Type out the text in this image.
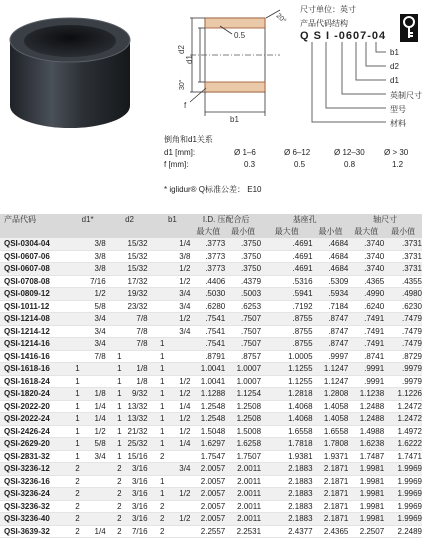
d2
d1
b1
f
0.5
20°
30°
尺寸单位：英寸
产品代码结构
Q S I -0607-04
b1
d2
d1
英制尺寸
型号
材料
倒角和d1关系
d1 [mm]:	Ø 1–6	Ø 6–12	Ø 12–30 Ø > 30
f [mm]:	0.3	0.5	0.8	1.2
* iglidur® Q标准公差： E10
产品代码	d1*	d2	b1	I.D. 压配合后		基座孔		轴尺寸	
				最大值	最小值	最大值	最小值	最大值	最小值
QSI-0304-04	3/8	15/32	1/4	.3773	.3750	.4691	.4684	.3740	.3731
QSI-0607-06	3/8	15/32	3/8	.3773	.3750	.4691	.4684	.3740	.3731
QSI-0607-08	3/8	15/32	1/2	.3773	.3750	.4691	.4684	.3740	.3731
QSI-0708-08	7/16	17/32	1/2	.4406	.4379	.5316	.5309	.4365	.4355
QSI-0809-12	1/2	19/32	3/4	.5030	.5003	.5941	.5934	.4990	.4980
QSI-1011-12	5/8	23/32	3/4	.6280	.6253	.7192	.7184	.6240	.6230
QSI-1214-08	3/4	7/8	1/2	.7541	.7507	.8755	.8747	.7491	.7479
QSI-1214-12	3/4	7/8	3/4	.7541	.7507	.8755	.8747	.7491	.7479
QSI-1214-16	3/4	7/8	1	.7541	.7507	.8755	.8747	.7491	.7479
QSI-1416-16	7/8	1	1	.8791	.8757	1.0005	.9997	.8741	.8729
QSI-1618-16	1	1 1/8	1	1.0041	1.0007	1.1255	1.1247	.9991	.9979
QSI-1618-24	1	1 1/8	1 1/2	1.0041	1.0007	1.1255	1.1247	.9991	.9979
QSI-1820-24	1 1/8	1 9/32	1 1/2	1.1288	1.1254	1.2818	1.2808	1.1238	1.1226
QSI-2022-20	1 1/4	1 13/32	1 1/4	1.2548	1.2508	1.4068	1.4058	1.2488	1.2472
QSI-2022-24	1 1/4	1 13/32	1 1/2	1.2548	1.2508	1.4068	1.4058	1.2488	1.2472
QSI-2426-24	1 1/2	1 21/32	1 1/2	1.5048	1.5008	1.6558	1.6558	1.4988	1.4972
QSI-2629-20	1 5/8	1 25/32	1 1/4	1.6297	1.6258	1.7818	1.7808	1.6238	1.6222
QSI-2831-32	1 3/4	1 15/16	2	1.7547	1.7507	1.9381	1.9371	1.7487	1.7471
QSI-3236-12	2	2 3/16	3/4	2.0057	2.0011	2.1883	2.1871	1.9981	1.9969
QSI-3236-16	2	2 3/16	1	2.0057	2.0011	2.1883	2.1871	1.9981	1.9969
QSI-3236-24	2	2 3/16	1 1/2	2.0057	2.0011	2.1883	2.1871	1.9981	1.9969
QSI-3236-32	2	2 3/16	2	2.0057	2.0011	2.1883	2.1871	1.9981	1.9969
QSI-3236-40	2	2 3/16	2 1/2	2.0057	2.0011	2.1883	2.1871	1.9981	1.9969
QSI-3639-32	2 1/4	2 7/16	2	2.2557	2.2531	2.4377	2.4365	2.2507	2.2489
